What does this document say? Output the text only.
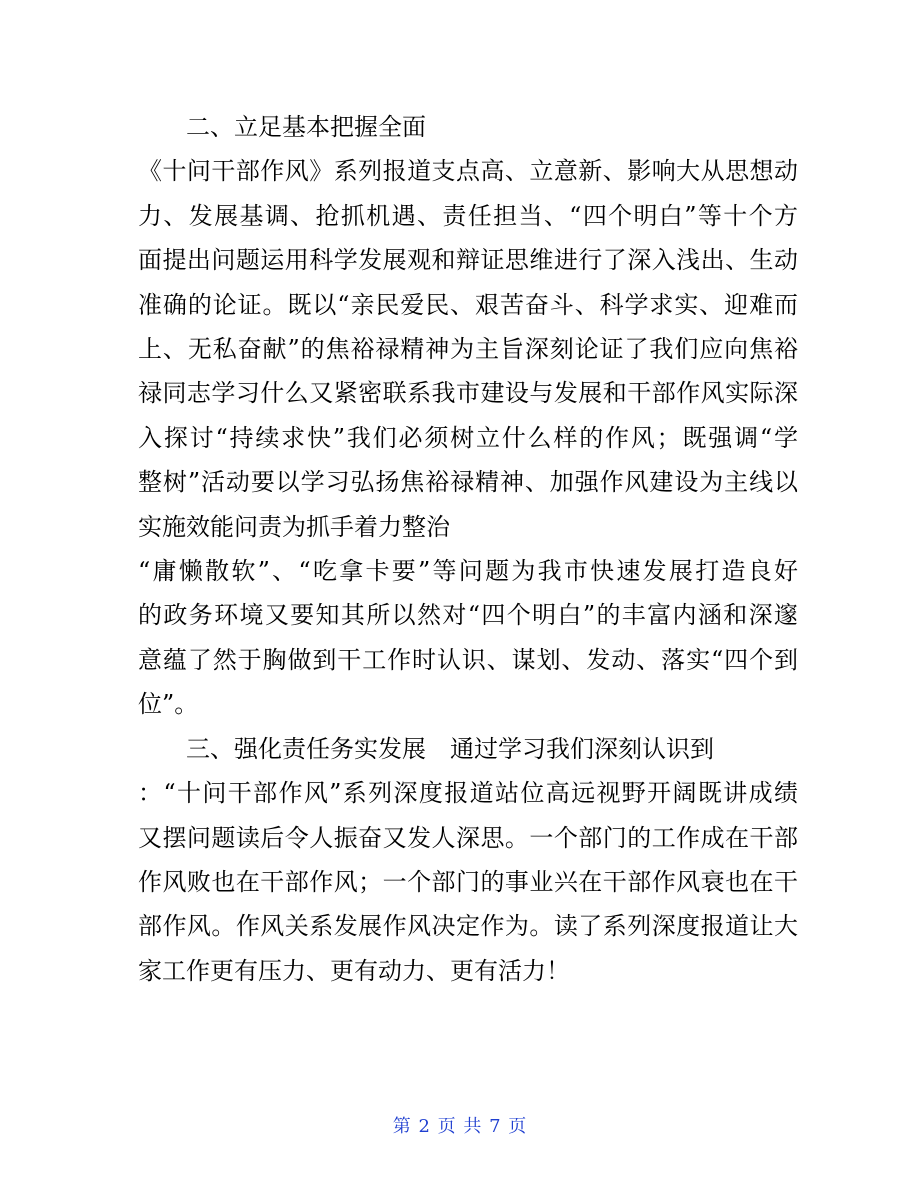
二、立足基本把握全面
《十问干部作风》系列报道支点高、立意新、影响大从思想动
力、发展基调、抢抓机遇、责任担当、“四个明白”等十个方
面提出问题运用科学发展观和辩证思维进行了深入浅出、生动
准确的论证。既以“亲民爱民、艰苦奋斗、科学求实、迎难而
上、无私奋献”的焦裕禄精神为主旨深刻论证了我们应向焦裕
禄同志学习什么又紧密联系我市建设与发展和干部作风实际深
入探讨“持续求快”我们必须树立什么样的作风；既强调“学
整树”活动要以学习弘扬焦裕禄精神、加强作风建设为主线以
实施效能问责为抓手着力整治
“庸懒散软”、“吃拿卡要”等问题为我市快速发展打造良好
的政务环境又要知其所以然对“四个明白”的丰富内涵和深邃
意蕴了然于胸做到干工作时认识、谋划、发动、落实“四个到
位”。
三、强化责任务实发展　通过学习我们深刻认识到
：“十问干部作风”系列深度报道站位高远视野开阔既讲成绩
又摆问题读后令人振奋又发人深思。一个部门的工作成在干部
作风败也在干部作风；一个部门的事业兴在干部作风衰也在干
部作风。作风关系发展作风决定作为。读了系列深度报道让大
家工作更有压力、更有动力、更有活力！
第 2 页 共 7 页
